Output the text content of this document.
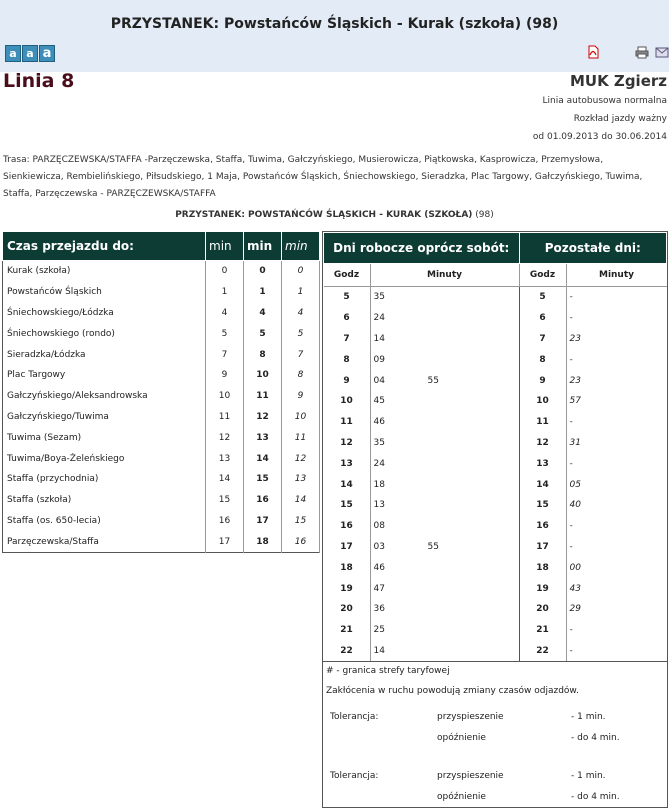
PRZYSTANEK: Powstańców Śląskich - Kurak (szkoła) (98)
a a a
Linia 8	MUK Zgierz
Linia autobusowa normalna
Rozkład jazdy ważny
od 01.09.2013 do 30.06.2014
Trasa: PARZĘCZEWSKA/STAFFA -Parzęczewska, Staffa, Tuwima, Gałczyńskiego, Musierowicza, Piątkowska, Kasprowicza, Przemysłowa, Sienkiewicza, Rembielińskiego, Piłsudskiego, 1 Maja, Powstańców Śląskich, Śniechowskiego, Sieradzka, Plac Targowy, Gałczyńskiego, Tuwima, Staffa, Parzęczewska - PARZĘCZEWSKA/STAFFA
PRZYSTANEK: POWSTAŃCÓW ŚLĄSKICH - KURAK (SZKOŁA) (98)
Czas przejazdu do:	min	min	min
Kurak (szkoła)	0	0	0
Powstańców Śląskich	1	1	1
Śniechowskiego/Łódzka	4	4	4
Śniechowskiego (rondo)	5	5	5
Sieradzka/Łódzka	7	8	7
Plac Targowy	9	10	8
Gałczyńskiego/Aleksandrowska	10	11	9
Gałczyńskiego/Tuwima	11	12	10
Tuwima (Sezam)	12	13	11
Tuwima/Boya-Żeleńskiego	13	14	12
Staffa (przychodnia)	14	15	13
Staffa (szkoła)	15	16	14
Staffa (os. 650-lecia)	16	17	15
Parzęczewska/Staffa	17	18	16
Dni robocze oprócz sobót:			Pozostałe dni:	
Godz	Minuty		Godz	Minuty
5	35		5	-
6	24		6	-
7	14		7	23
8	09		8	-
9	04	55	9	23
10	45		10	57
11	46		11	-
12	35		12	31
13	24		13	-
14	18		14	05
15	13		15	40
16	08		16	-
17	03	55	17	-
18	46		18	00
19	47		19	43
20	36		20	29
21	25		21	-
22	14		22	-
# - granica strefy taryfowej
Zakłócenia w ruchu powodują zmiany czasów odjazdów.
Tolerancja:	przyspieszenie	- 1 min.
opóźnienie	- do 4 min.
Tolerancja:	przyspieszenie	- 1 min.
opóźnienie	- do 4 min.
